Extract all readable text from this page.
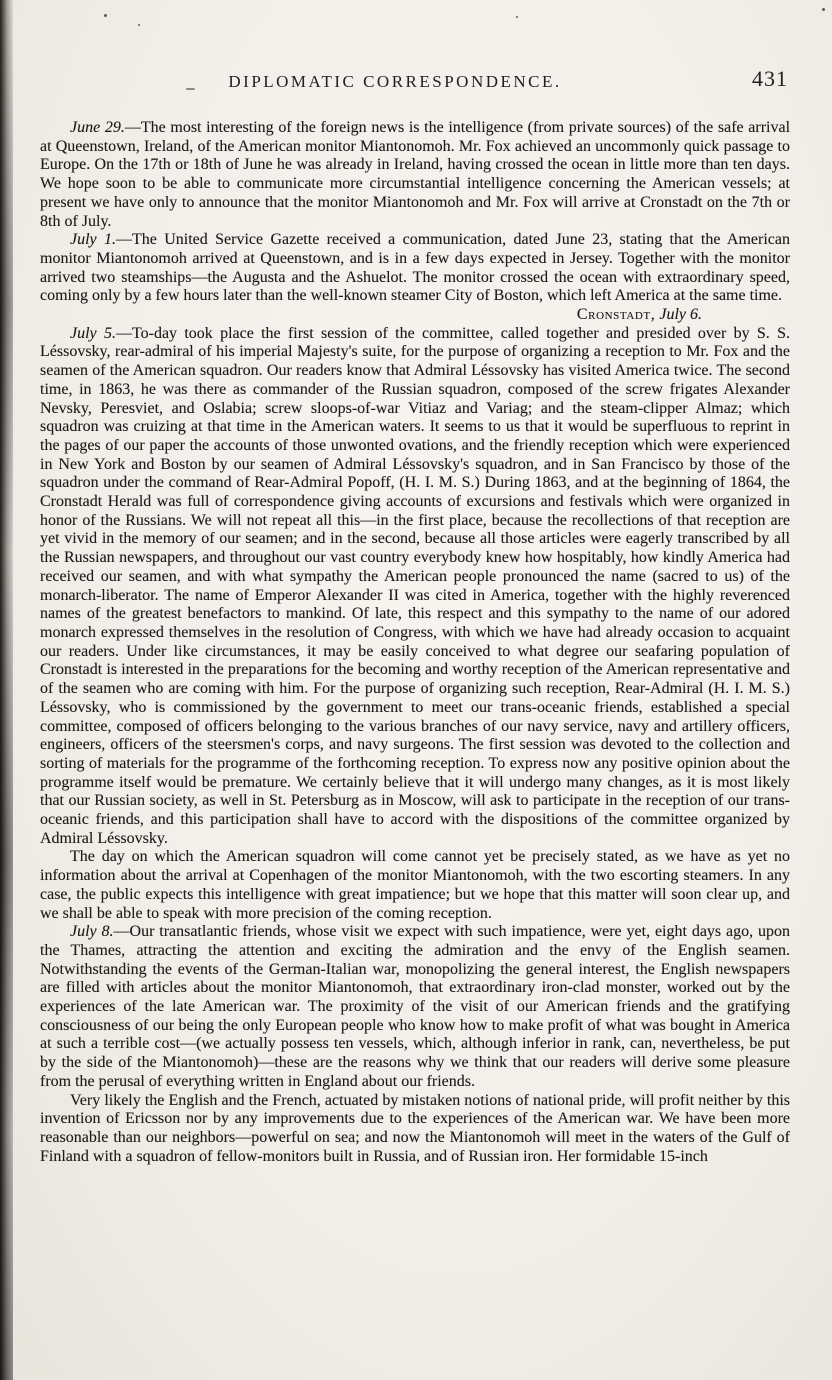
DIPLOMATIC CORRESPONDENCE.	431

June 29.—The most interesting of the foreign news is the intelligence (from private sources) of the safe arrival at Queenstown, Ireland, of the American monitor Miantonomoh. Mr. Fox achieved an uncommonly quick passage to Europe. On the 17th or 18th of June he was already in Ireland, having crossed the ocean in little more than ten days. We hope soon to be able to communicate more circumstantial intelligence concerning the American vessels; at present we have only to announce that the monitor Miantonomoh and Mr. Fox will arrive at Cronstadt on the 7th or 8th of July.

July 1.—The United Service Gazette received a communication, dated June 23, stating that the American monitor Miantonomoh arrived at Queenstown, and is in a few days expected in Jersey. Together with the monitor arrived two steamships—the Augusta and the Ashuelot. The monitor crossed the ocean with extraordinary speed, coming only by a few hours later than the well-known steamer City of Boston, which left America at the same time.

Cronstadt, July 6.

July 5.—To-day took place the first session of the committee, called together and presided over by S. S. Léssovsky, rear-admiral of his imperial Majesty's suite, for the purpose of organizing a reception to Mr. Fox and the seamen of the American squadron. Our readers know that Admiral Léssovsky has visited America twice. The second time, in 1863, he was there as commander of the Russian squadron, composed of the screw frigates Alexander Nevsky, Peresviet, and Oslabia; screw sloops-of-war Vitiaz and Variag; and the steam-clipper Almaz; which squadron was cruizing at that time in the American waters. It seems to us that it would be superfluous to reprint in the pages of our paper the accounts of those unwonted ovations, and the friendly reception which were experienced in New York and Boston by our seamen of Admiral Léssovsky's squadron, and in San Francisco by those of the squadron under the command of Rear-Admiral Popoff, (H. I. M. S.) During 1863, and at the beginning of 1864, the Cronstadt Herald was full of correspondence giving accounts of excursions and festivals which were organized in honor of the Russians. We will not repeat all this—in the first place, because the recollections of that reception are yet vivid in the memory of our seamen; and in the second, because all those articles were eagerly transcribed by all the Russian newspapers, and throughout our vast country everybody knew how hospitably, how kindly America had received our seamen, and with what sympathy the American people pronounced the name (sacred to us) of the monarch-liberator. The name of Emperor Alexander II was cited in America, together with the highly reverenced names of the greatest benefactors to mankind. Of late, this respect and this sympathy to the name of our adored monarch expressed themselves in the resolution of Congress, with which we have had already occasion to acquaint our readers. Under like circumstances, it may be easily conceived to what degree our seafaring population of Cronstadt is interested in the preparations for the becoming and worthy reception of the American representative and of the seamen who are coming with him. For the purpose of organizing such reception, Rear-Admiral (H. I. M. S.) Léssovsky, who is commissioned by the government to meet our trans-oceanic friends, established a special committee, composed of officers belonging to the various branches of our navy service, navy and artillery officers, engineers, officers of the steersmen's corps, and navy surgeons. The first session was devoted to the collection and sorting of materials for the programme of the forthcoming reception. To express now any positive opinion about the programme itself would be premature. We certainly believe that it will undergo many changes, as it is most likely that our Russian society, as well in St. Petersburg as in Moscow, will ask to participate in the reception of our trans-oceanic friends, and this participation shall have to accord with the dispositions of the committee organized by Admiral Léssovsky.

The day on which the American squadron will come cannot yet be precisely stated, as we have as yet no information about the arrival at Copenhagen of the monitor Miantonomoh, with the two escorting steamers. In any case, the public expects this intelligence with great impatience; but we hope that this matter will soon clear up, and we shall be able to speak with more precision of the coming reception.

July 8.—Our transatlantic friends, whose visit we expect with such impatience, were yet, eight days ago, upon the Thames, attracting the attention and exciting the admiration and the envy of the English seamen. Notwithstanding the events of the German-Italian war, monopolizing the general interest, the English newspapers are filled with articles about the monitor Miantonomoh, that extraordinary iron-clad monster, worked out by the experiences of the late American war. The proximity of the visit of our American friends and the gratifying consciousness of our being the only European people who know how to make profit of what was bought in America at such a terrible cost—(we actually possess ten vessels, which, although inferior in rank, can, nevertheless, be put by the side of the Miantonomoh)—these are the reasons why we think that our readers will derive some pleasure from the perusal of everything written in England about our friends.

Very likely the English and the French, actuated by mistaken notions of national pride, will profit neither by this invention of Ericsson nor by any improvements due to the experiences of the American war. We have been more reasonable than our neighbors—powerful on sea; and now the Miantonomoh will meet in the waters of the Gulf of Finland with a squadron of fellow-monitors built in Russia, and of Russian iron. Her formidable 15-inch
